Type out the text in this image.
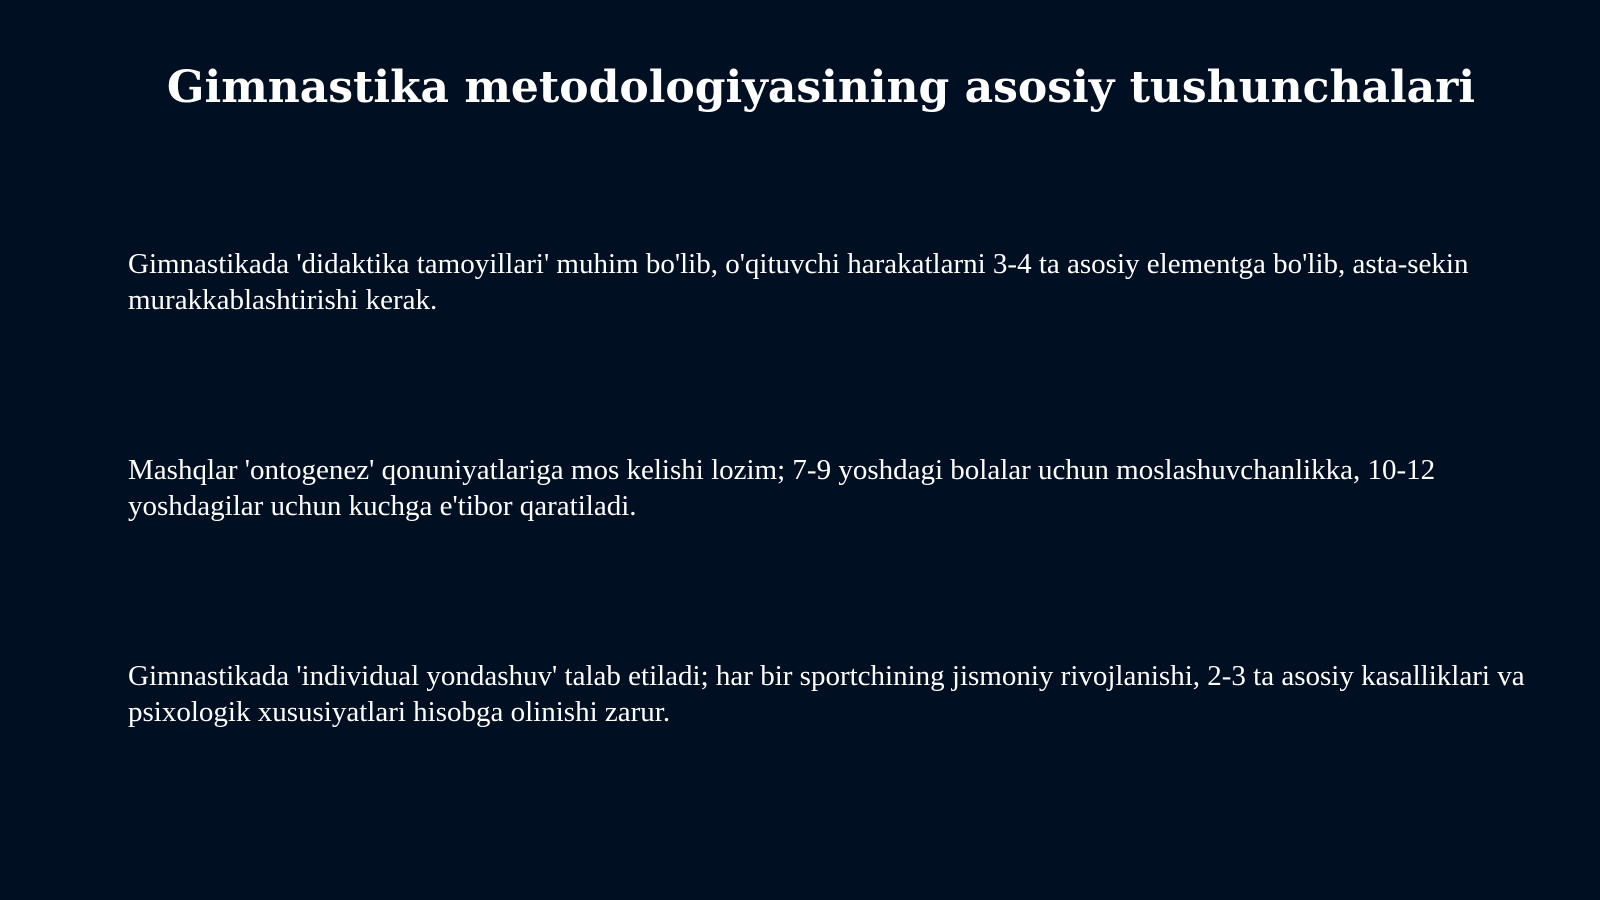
Gimnastika metodologiyasining asosiy tushunchalari

Gimnastikada 'didaktika tamoyillari' muhim bo'lib, o'qituvchi harakatlarni 3-4 ta asosiy elementga bo'lib, asta-sekin murakkablashtirishi kerak.

Mashqlar 'ontogenez' qonuniyatlariga mos kelishi lozim; 7-9 yoshdagi bolalar uchun moslashuvchanlikka, 10-12 yoshdagilar uchun kuchga e'tibor qaratiladi.

Gimnastikada 'individual yondashuv' talab etiladi; har bir sportchining jismoniy rivojlanishi, 2-3 ta asosiy kasalliklari va psixologik xususiyatlari hisobga olinishi zarur.
